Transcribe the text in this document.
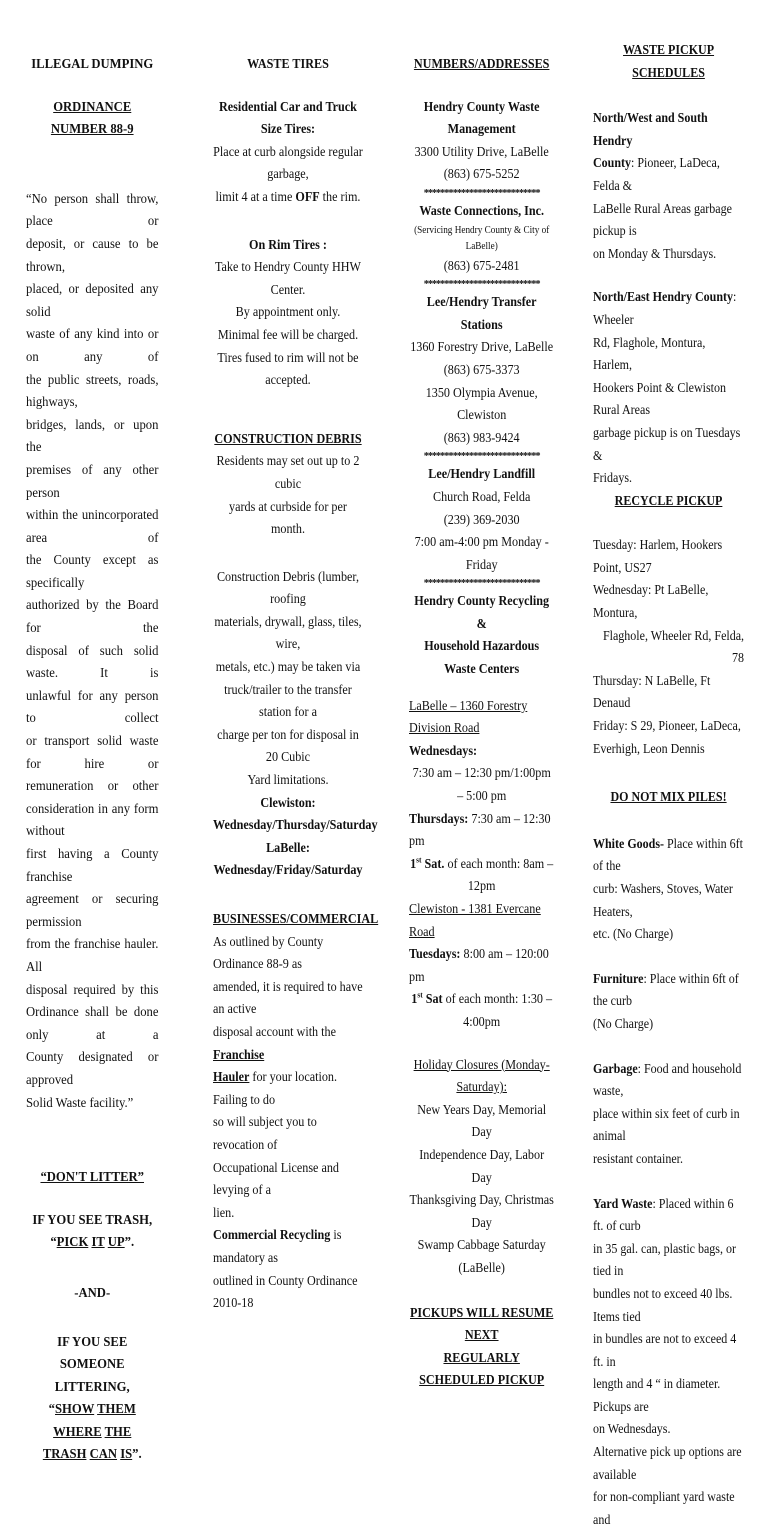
ILLEGAL DUMPING
ORDINANCE NUMBER 88-9
“No person shall throw, place or
deposit, or cause to be thrown,
placed, or deposited any solid
waste of any kind into or on any of
the public streets, roads, highways,
bridges, lands, or upon the
premises of any other person
within the unincorporated area of
the County except as specifically
authorized by the Board for the
disposal of such solid waste. It is
unlawful for any person to collect
or transport solid waste for hire or
remuneration or other
consideration in any form without
first having a County franchise
agreement or securing permission
from the franchise hauler. All
disposal required by this
Ordinance shall be done only at a
County designated or approved
Solid Waste facility.”
“DON'T LITTER”
IF YOU SEE TRASH,
“PICK IT UP”.
-AND-
IF YOU SEE SOMEONE
LITTERING,
“SHOW THEM WHERE THE
TRASH CAN IS”.
WASTE TIRES
Residential Car and Truck Size Tires:
Place at curb alongside regular garbage,
limit 4 at a time OFF the rim.
On Rim Tires :
Take to Hendry County HHW Center.
By appointment only.
Minimal fee will be charged.
Tires fused to rim will not be accepted.
CONSTRUCTION DEBRIS
Residents may set out up to 2 cubic
yards at curbside for per month.
Construction Debris (lumber, roofing
materials, drywall, glass, tiles, wire,
metals, etc.) may be taken via
truck/trailer to the transfer station for a
charge per ton for disposal in 20 Cubic
Yard limitations.
Clewiston:
Wednesday/Thursday/Saturday
LaBelle:
Wednesday/Friday/Saturday
BUSINESSES/COMMERCIAL
As outlined by County Ordinance 88-9 as
amended, it is required to have an active
disposal account with the Franchise
Hauler for your location. Failing to do
so will subject you to revocation of
Occupational License and levying of a
lien.
Commercial Recycling is mandatory as
outlined in County Ordinance 2010-18
NUMBERS/ADDRESSES
Hendry County Waste Management
3300 Utility Drive, LaBelle
(863) 675-5252
****************************
Waste Connections, Inc.
(Servicing Hendry County & City of LaBelle)
(863) 675-2481
****************************
Lee/Hendry Transfer Stations
1360 Forestry Drive, LaBelle
(863) 675-3373
1350 Olympia Avenue, Clewiston
(863) 983-9424
****************************
Lee/Hendry Landfill
Church Road, Felda
(239) 369-2030
7:00 am-4:00 pm Monday - Friday
****************************
Hendry County Recycling &
Household Hazardous Waste Centers
LaBelle – 1360 Forestry Division Road
Wednesdays:
7:30 am – 12:30 pm/1:00pm – 5:00 pm
Thursdays: 7:30 am – 12:30 pm
1st Sat. of each month: 8am – 12pm
Clewiston - 1381 Evercane Road
Tuesdays: 8:00 am – 120:00 pm
1st Sat of each month: 1:30 – 4:00pm
Holiday Closures (Monday-Saturday):
New Years Day, Memorial Day
Independence Day, Labor Day
Thanksgiving Day, Christmas Day
Swamp Cabbage Saturday (LaBelle)
PICKUPS WILL RESUME NEXT
REGULARLY SCHEDULED PICKUP
WASTE PICKUP SCHEDULES
North/West and South Hendry
County: Pioneer, LaDeca, Felda &
LaBelle Rural Areas garbage pickup is
on Monday & Thursdays.
North/East Hendry County: Wheeler
Rd, Flaghole, Montura, Harlem,
Hookers Point & Clewiston Rural Areas
garbage pickup is on Tuesdays &
Fridays.
RECYCLE PICKUP
Tuesday: Harlem, Hookers Point, US27
Wednesday: Pt LaBelle, Montura,
Flaghole, Wheeler Rd, Felda, 78
Thursday: N LaBelle, Ft Denaud
Friday: S 29, Pioneer, LaDeca,
Everhigh, Leon Dennis
DO NOT MIX PILES!
White Goods- Place within 6ft of the
curb: Washers, Stoves, Water Heaters,
etc. (No Charge)
Furniture: Place within 6ft of the curb
(No Charge)
Garbage: Food and household waste,
place within six feet of curb in animal
resistant container.
Yard Waste: Placed within 6 ft. of curb
in 35 gal. can, plastic bags, or tied in
bundles not to exceed 40 lbs. Items tied
in bundles are not to exceed 4 ft. in
length and 4 “ in diameter. Pickups are
on Wednesdays.
Alternative pick up options are available
for non-compliant yard waste and
